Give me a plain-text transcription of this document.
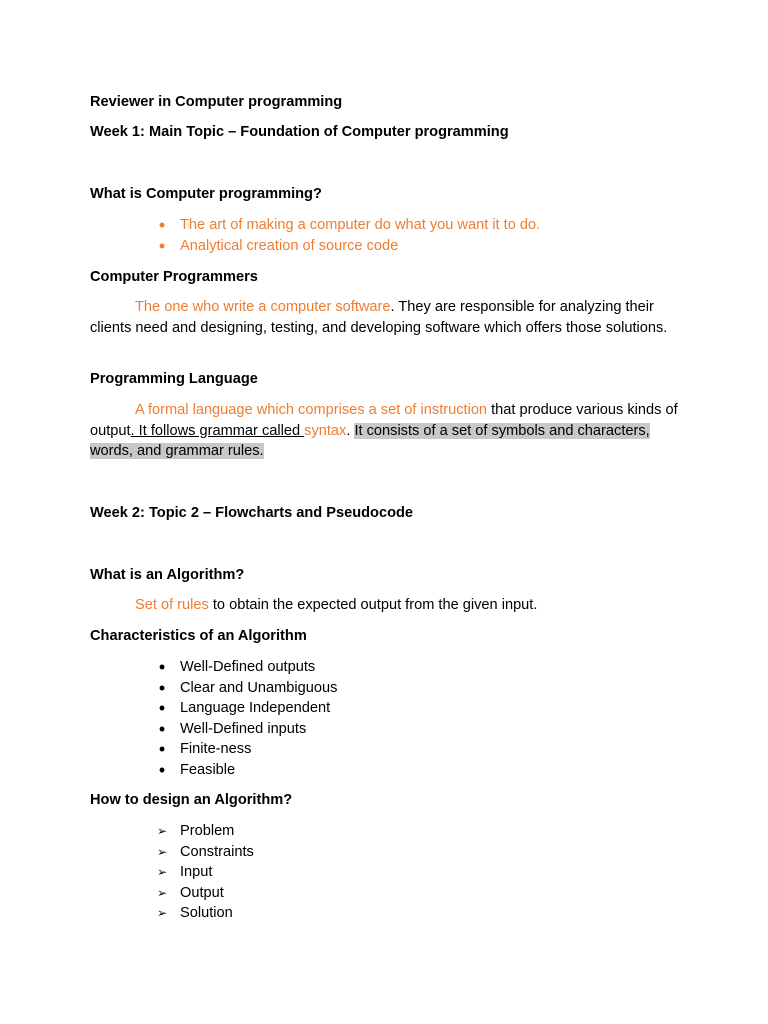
Reviewer in Computer programming

Week 1: Main Topic – Foundation of Computer programming

What is Computer programming?

• The art of making a computer do what you want it to do.
• Analytical creation of source code

Computer Programmers

The one who write a computer software. They are responsible for analyzing their clients need and designing, testing, and developing software which offers those solutions.

Programming Language

A formal language which comprises a set of instruction that produce various kinds of output. It follows grammar called syntax. It consists of a set of symbols and characters, words, and grammar rules.

Week 2: Topic 2 – Flowcharts and Pseudocode

What is an Algorithm?

Set of rules to obtain the expected output from the given input.

Characteristics of an Algorithm

• Well-Defined outputs
• Clear and Unambiguous
• Language Independent
• Well-Defined inputs
• Finite-ness
• Feasible

How to design an Algorithm?

➢ Problem
➢ Constraints
➢ Input
➢ Output
➢ Solution
